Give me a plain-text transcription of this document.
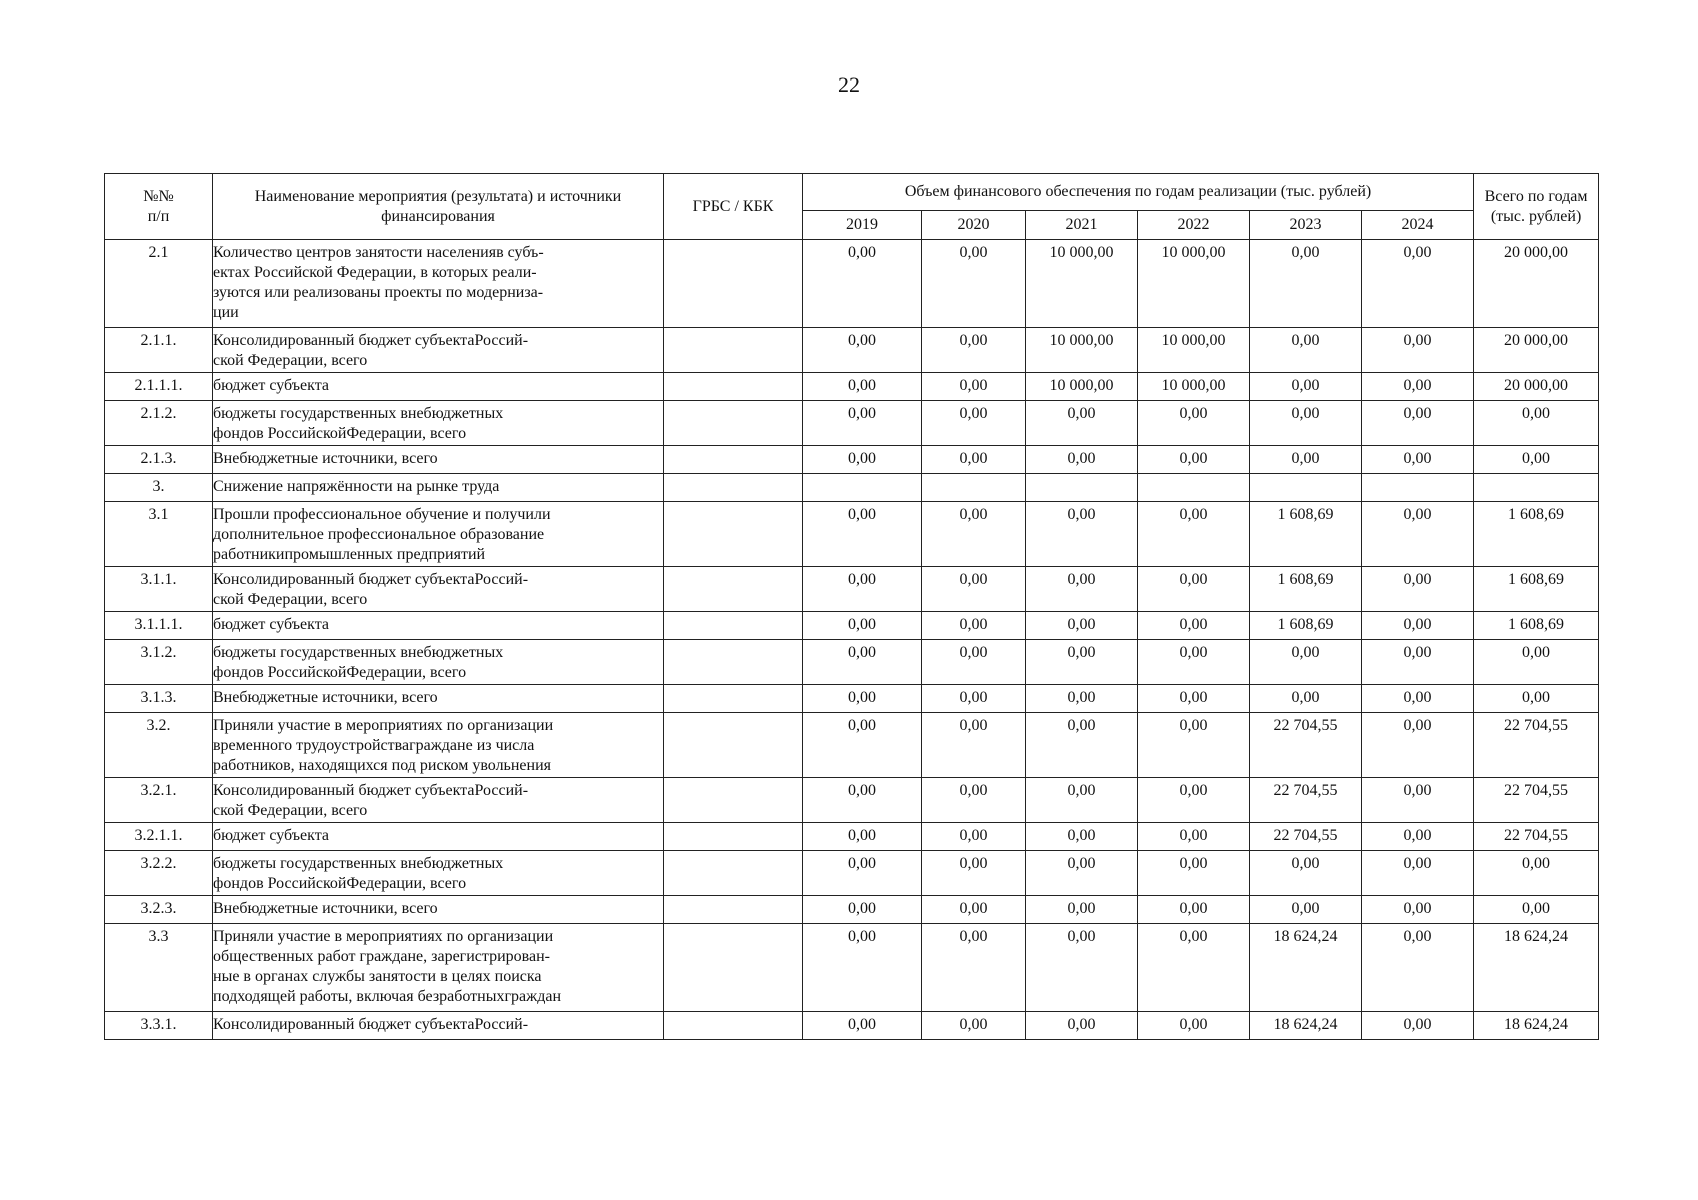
22
№№
п/п	Наименование мероприятия (результата) и источники финансирования	ГРБС / КБК	Объем финансового обеспечения по годам реализации (тыс. рублей)						Всего по годам (тыс. рублей)
			2019	2020	2021	2022	2023	2024	
2.1	Количество центров занятости населенияв субъ-
ектах Российской Федерации, в которых реали-
зуются или реализованы проекты по модерниза-
ции		0,00	0,00	10 000,00	10 000,00	0,00	0,00	20 000,00
2.1.1.	Консолидированный бюджет субъектаРоссий-
ской Федерации, всего		0,00	0,00	10 000,00	10 000,00	0,00	0,00	20 000,00
2.1.1.1.	бюджет субъекта		0,00	0,00	10 000,00	10 000,00	0,00	0,00	20 000,00
2.1.2.	бюджеты государственных внебюджетных
фондов РоссийскойФедерации, всего		0,00	0,00	0,00	0,00	0,00	0,00	0,00
2.1.3.	Внебюджетные источники, всего		0,00	0,00	0,00	0,00	0,00	0,00	0,00
3.	Снижение напряжённости на рынке труда								
3.1	Прошли профессиональное обучение и получили
дополнительное профессиональное образование
работникипромышленных предприятий		0,00	0,00	0,00	0,00	1 608,69	0,00	1 608,69
3.1.1.	Консолидированный бюджет субъектаРоссий-
ской Федерации, всего		0,00	0,00	0,00	0,00	1 608,69	0,00	1 608,69
3.1.1.1.	бюджет субъекта		0,00	0,00	0,00	0,00	1 608,69	0,00	1 608,69
3.1.2.	бюджеты государственных внебюджетных
фондов РоссийскойФедерации, всего		0,00	0,00	0,00	0,00	0,00	0,00	0,00
3.1.3.	Внебюджетные источники, всего		0,00	0,00	0,00	0,00	0,00	0,00	0,00
3.2.	Приняли участие в мероприятиях по организации
временного трудоустройстваграждане из числа
работников, находящихся под риском увольнения		0,00	0,00	0,00	0,00	22 704,55	0,00	22 704,55
3.2.1.	Консолидированный бюджет субъектаРоссий-
ской Федерации, всего		0,00	0,00	0,00	0,00	22 704,55	0,00	22 704,55
3.2.1.1.	бюджет субъекта		0,00	0,00	0,00	0,00	22 704,55	0,00	22 704,55
3.2.2.	бюджеты государственных внебюджетных
фондов РоссийскойФедерации, всего		0,00	0,00	0,00	0,00	0,00	0,00	0,00
3.2.3.	Внебюджетные источники, всего		0,00	0,00	0,00	0,00	0,00	0,00	0,00
3.3	Приняли участие в мероприятиях по организации
общественных работ граждане, зарегистрирован-
ные в органах службы занятости в целях поиска
подходящей работы, включая безработныхграждан		0,00	0,00	0,00	0,00	18 624,24	0,00	18 624,24
3.3.1.	Консолидированный бюджет субъектаРоссий-		0,00	0,00	0,00	0,00	18 624,24	0,00	18 624,24
